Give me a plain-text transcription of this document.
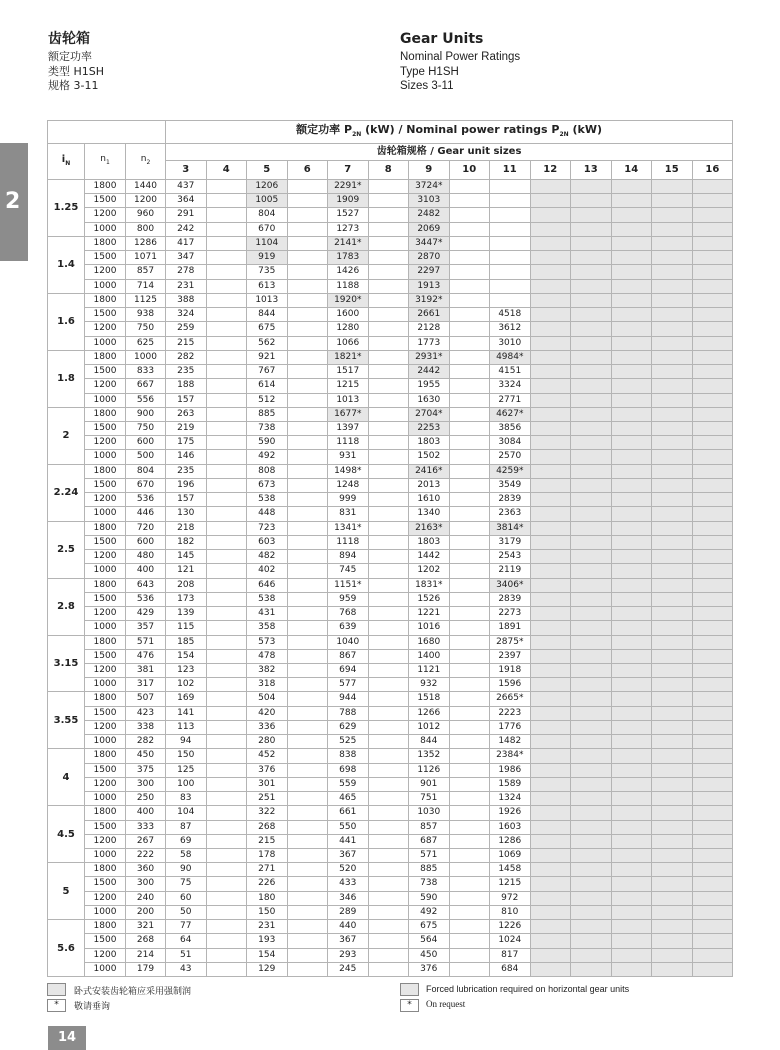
齿轮箱
额定功率
类型 H1SH
规格 3-11
Gear Units
Nominal Power Ratings
Type H1SH
Sizes 3-11
2
			额定功率 $P_{2N}$ (kW) / Nominal power ratings $P_{2N}$ (kW)													
$i_N$	$n_1$	$n_2$	齿轮箱规格 / Gear unit sizes													
			3	4	5	6	7	8	9	10	11	12	13	14	15	16
1.25	1800	1440	437		1206		2291*		3724*							
	1500	1200	364		1005		1909		3103							
	1200	960	291		804		1527		2482							
	1000	800	242		670		1273		2069							
1.4	1800	1286	417		1104		2141*		3447*							
	1500	1071	347		919		1783		2870							
	1200	857	278		735		1426		2297							
	1000	714	231		613		1188		1913							
1.6	1800	1125	388		1013		1920*		3192*							
	1500	938	324		844		1600		2661		4518					
	1200	750	259		675		1280		2128		3612					
	1000	625	215		562		1066		1773		3010					
1.8	1800	1000	282		921		1821*		2931*		4984*					
	1500	833	235		767		1517		2442		4151					
	1200	667	188		614		1215		1955		3324					
	1000	556	157		512		1013		1630		2771					
2	1800	900	263		885		1677*		2704*		4627*					
	1500	750	219		738		1397		2253		3856					
	1200	600	175		590		1118		1803		3084					
	1000	500	146		492		931		1502		2570					
2.24	1800	804	235		808		1498*		2416*		4259*					
	1500	670	196		673		1248		2013		3549					
	1200	536	157		538		999		1610		2839					
	1000	446	130		448		831		1340		2363					
2.5	1800	720	218		723		1341*		2163*		3814*					
	1500	600	182		603		1118		1803		3179					
	1200	480	145		482		894		1442		2543					
	1000	400	121		402		745		1202		2119					
2.8	1800	643	208		646		1151*		1831*		3406*					
	1500	536	173		538		959		1526		2839					
	1200	429	139		431		768		1221		2273					
	1000	357	115		358		639		1016		1891					
3.15	1800	571	185		573		1040		1680		2875*					
	1500	476	154		478		867		1400		2397					
	1200	381	123		382		694		1121		1918					
	1000	317	102		318		577		932		1596					
3.55	1800	507	169		504		944		1518		2665*					
	1500	423	141		420		788		1266		2223					
	1200	338	113		336		629		1012		1776					
	1000	282	94		280		525		844		1482					
4	1800	450	150		452		838		1352		2384*					
	1500	375	125		376		698		1126		1986					
	1200	300	100		301		559		901		1589					
	1000	250	83		251		465		751		1324					
4.5	1800	400	104		322		661		1030		1926					
	1500	333	87		268		550		857		1603					
	1200	267	69		215		441		687		1286					
	1000	222	58		178		367		571		1069					
5	1800	360	90		271		520		885		1458					
	1500	300	75		226		433		738		1215					
	1200	240	60		180		346		590		972					
	1000	200	50		150		289		492		810					
5.6	1800	321	77		231		440		675		1226					
	1500	268	64		193		367		564		1024					
	1200	214	51		154		293		450		817					
	1000	179	43		129		245		376		684					
卧式安装齿轮箱应采用强制润
*	敬请垂询
Forced lubrication required on horizontal gear units
*	On request
14
